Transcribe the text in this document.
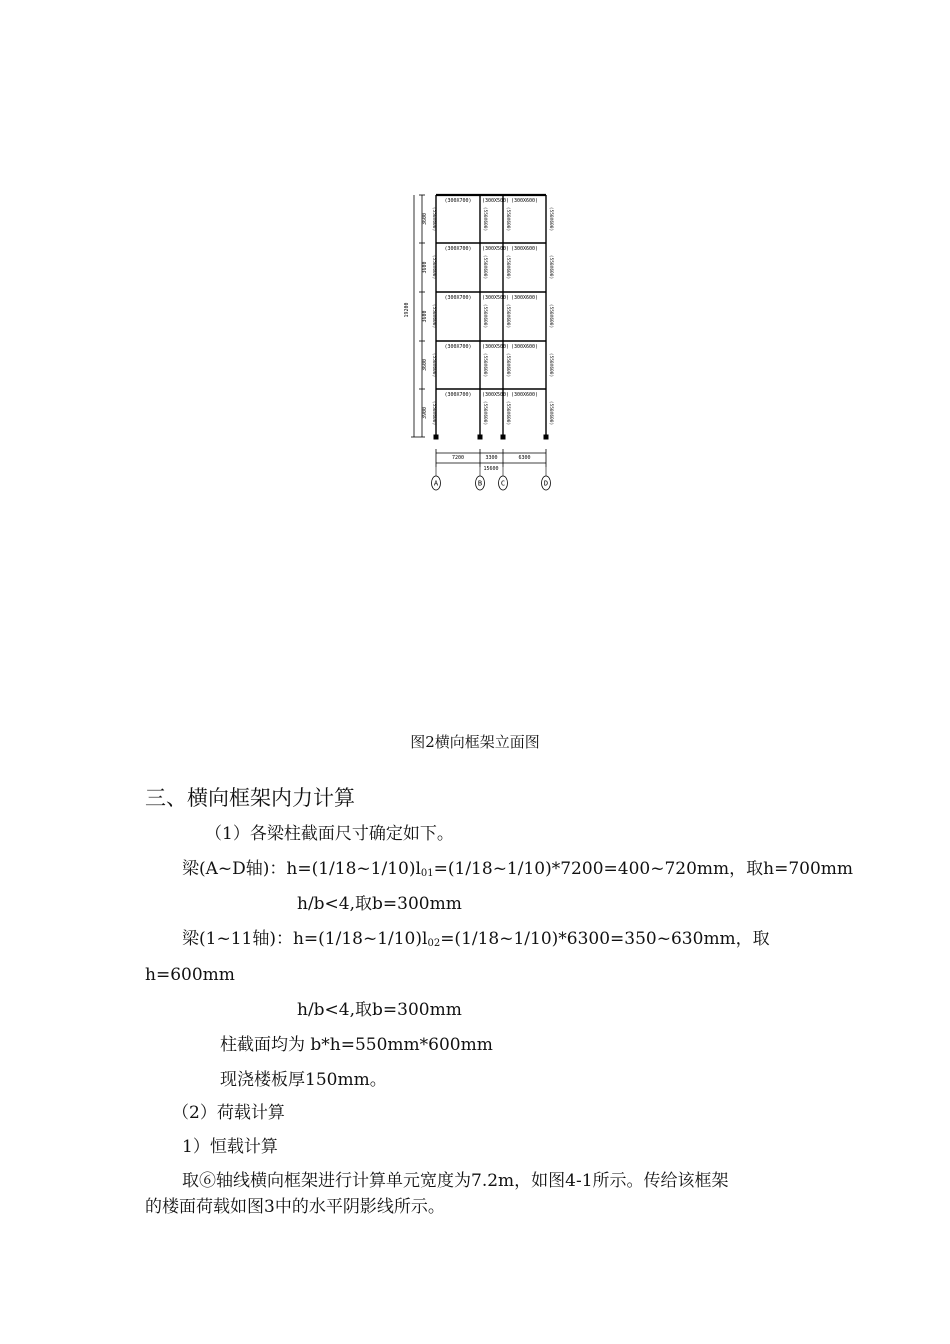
(300X700) (300X500) (300X600)
(550X600)	(550X600)	(550X600)	(550X600)
(300X700) (300X500) (300X600)
(550X600)	(550X600)	(550X600)	(550X600)
(300X700) (300X500) (300X600)
(550X600)	(550X600)	(550X600)	(550X600)
(300X700) (300X500) (300X600)
(550X600)	(550X600)	(550X600)	(550X600)
(300X700) (300X500) (300X600)
(550X600)	(550X600)	(550X600)	(550X600)
3600
3600
3600
3600
3900
19200
7200	3300	6300
15600
A	B	C	D
图2横向框架立面图
三、横向框架内力计算
（1）各梁柱截面尺寸确定如下。
梁(A~D轴)：$h=(1/18\sim 1/10)l_{01}=(1/18\sim 1/10)*7200=400\sim 720mm$，取h=700mm
h/b<4,取b=300mm
梁(1~11轴)：$h=(1/18\sim 1/10)l_{02}=(1/18\sim 1/10)*6300=350\sim 630mm$，取
h=600mm
h/b<4,取b=300mm
柱截面均为 b*h=550mm*600mm
现浇楼板厚150mm。
（2）荷载计算
1）恒载计算
取⑥轴线横向框架进行计算单元宽度为7.2m，如图4-1所示。传给该框架
的楼面荷载如图3中的水平阴影线所示。
